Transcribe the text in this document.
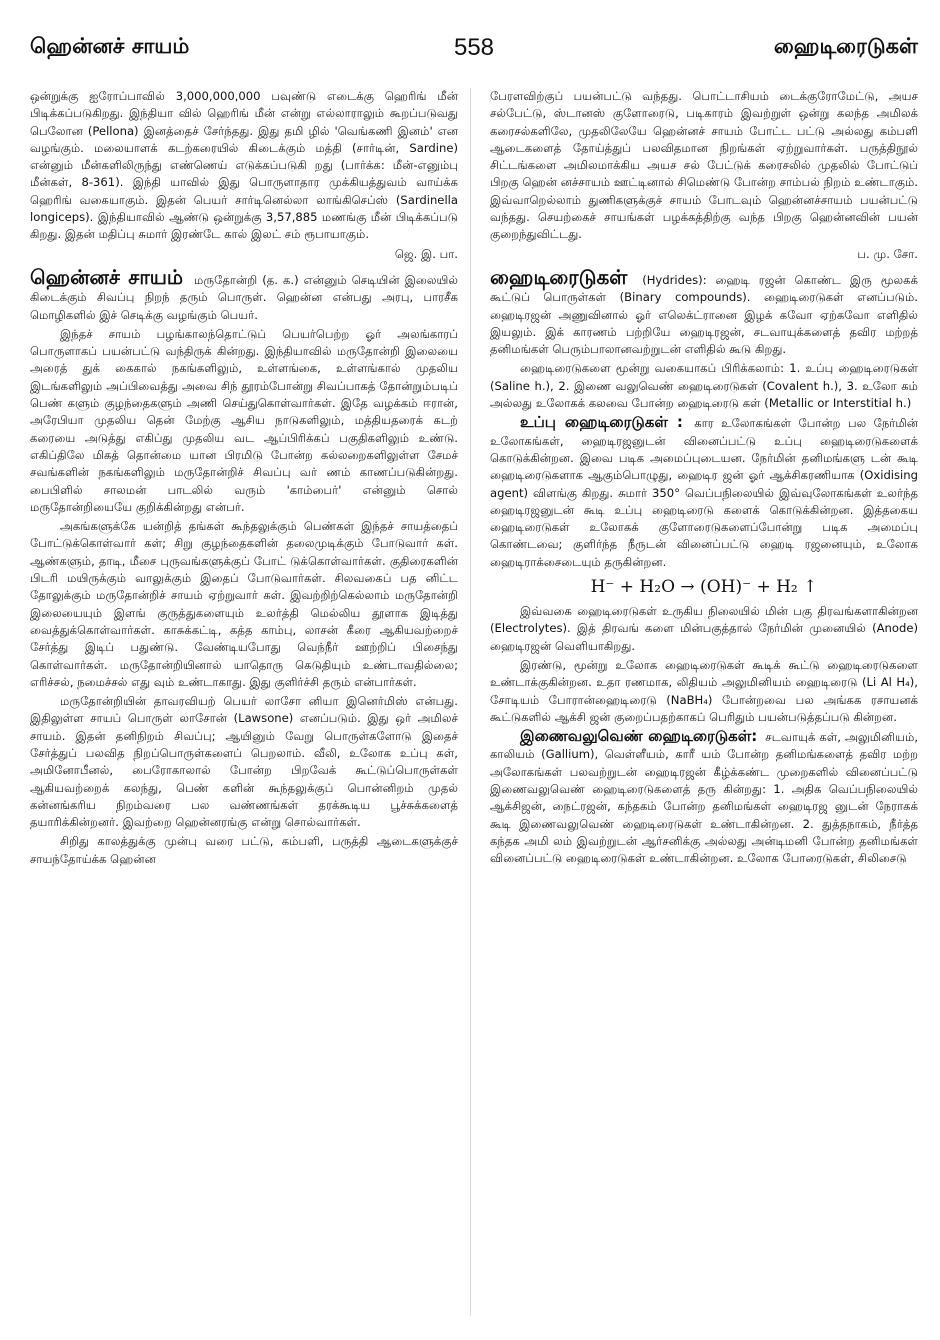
ஹென்னச் சாயம்	558	ஹைடிரைடுகள்

ஒன்றுக்கு ஐரோப்பாவில் 3,000,000,000 பவுண்டு எடைக்கு ஹெரிங் மீன் பிடிக்கப்படுகிறது. இந்தியா வில் ஹெரிங் மீன் என்று எல்லாராலும் கூறப்படுவது பெலோன (Pellona) இனத்தைச் சேர்ந்தது. இது தமி ழில் 'வெங்கணி இனம்' என வழங்கும். மலையாளக் கடற்கரையில் கிடைக்கும் மத்தி (சார்டின், Sardine) என்னும் மீன்களிலிருந்து எண்ணெய் எடுக்கப்படுகி றது (பார்க்க: மீன்-எனும்பு மீன்கள், 8-361). இந்தி யாவில் இது பொருளாதார முக்கியத்துவம் வாய்க்க ஹெரிங் வகையாகும். இதன் பெயர் சார்டினெல்லா லாங்கிசெப்ஸ் (Sardinella longiceps). இந்தியாவில் ஆண்டு ஒன்றுக்கு 3,57,885 மணங்கு மீன் பிடிக்கப்படு கிறது. இதன் மதிப்பு சுமார் இரண்டே கால் இலட் சம் ரூபாயாகும்.

ஜெ. இ. பா.

ஹென்னச் சாயம் மருதோன்றி (த. க.) என்னும் செடியின் இலையில் கிடைக்கும் சிவப்பு நிறந் தரும் பொருள். ஹென்ன என்பது அரபு, பாரசீக மொழிகளில் இச் செடிக்கு வழங்கும் பெயர்.

இந்தச் சாயம் பழங்காலந்தொட்டுப் பெயர்பெற்ற ஓர் அலங்காரப் பொருளாகப் பயன்பட்டு வந்திருக் கின்றது. இந்தியாவில் மருதோன்றி இலையை அரைத் துக் கைகால் நகங்களிலும், உள்ளங்கை, உள்ளங்கால் முதலிய இடங்களிலும் அப்பிவைத்து அவை சிந் தூரம்போன்று சிவப்பாகத் தோன்றும்படிப் பெண் களும் குழந்தைகளும் அணி செய்துகொள்வார்கள். இதே வழக்கம் ஈரான், அரேபியா முதலிய தென் மேற்கு ஆசிய நாடுகளிலும், மத்தியதரைக் கடற் கரையை அடுத்து எகிப்து முதலிய வட ஆப்பிரிக்கப் பகுதிகளிலும் உண்டு. எகிப்திலே மிகத் தொன்மை யான பிரமிடு போன்ற கல்லறைகளிலுள்ள சேமச் சவங்களின் நகங்களிலும் மருதோன்றிச் சிவப்பு வர் ணம் காணப்படுகின்றது. பைபிளில் சாலமன் பாடலில் வரும் 'காம்பைர்' என்னும் சொல் மருதோன்றியையே குறிக்கின்றது என்பர்.

அகங்களுக்கே யன்றித் தங்கள் கூந்தலுக்கும் பெண்கள் இந்தச் சாயத்தைப் போட்டுக்கொள்வார் கள்; சிறு குழந்தைகளின் தலைமுடிக்கும் போடுவார் கள். ஆண்களும், தாடி, மீசை புருவங்களுக்குப் போட் டுக்கொள்வார்கள். குதிரைகளின் பிடரி மயிருக்கும் வாலுக்கும் இதைப் போடுவார்கள். சிலவகைப் பத னிட்ட தோலுக்கும் மருதோன்றிச் சாயம் ஏற்றுவார் கள். இவற்றிற்கெல்லாம் மருதோன்றி இலையையும் இளங் குருத்துகளையும் உலர்த்தி மெல்லிய தூளாக இடித்து வைத்துக்கொள்வார்கள். காசுக்கட்டி, கத்த காம்பு, லாசன் கீரை ஆகியவற்றைச் சேர்த்து இடிப் பதுண்டு. வேண்டியபோது வெந்நீர் ஊற்றிப் பிசைந்து கொள்வார்கள். மருதோன்றியினால் யாதொரு கெடுதியும் உண்டாவதில்லை; எரிச்சல், நமைச்சல் எது வும் உண்டாகாது. இது குளிர்ச்சி தரும் என்பார்கள்.

மருதோன்றியின் தாவரவியற் பெயர் லாசோ னியா இனெர்மிஸ் என்பது. இதிலுள்ள சாயப் பொருள் லாசோன் (Lawsone) எனப்படும். இது ஒர் அமிலச் சாயம். இதன் தனிநிறம் சிவப்பு; ஆயினும் வேறு பொருள்களோடு இதைச் சேர்த்துப் பலவித நிறப்பொருள்களைப் பெறலாம். வீலி, உலோக உப்பு கள், அமினோபீனல், பைரோகாலால் போன்ற பிறவேக் கூட்டுப்பொருள்கள் ஆகியவற்றைக் கலந்து, பெண் களின் கூந்தலுக்குப் பொன்னிறம் முதல் கன்னங்கரிய நிறம்வரை பல வண்ணங்கள் தரக்கூடிய பூச்சுக்களைத் தயாரிக்கின்றனர். இவற்றை ஹென்னரங்கு என்று சொல்வார்கள்.

சிறிது காலத்துக்கு முன்பு வரை பட்டு, கம்பளி, பருத்தி ஆடைகளுக்குச் சாயந்தோய்க்க ஹென்ன

பேரளவிற்குப் பயன்பட்டு வந்தது. பொட்டாசியம் டைக்குரோமேட்டு, அயச சல்பேட்டு, ஸ்டானஸ் குளோரைடு, படிகாரம் இவற்றுள் ஒன்று கலந்த அமிலக் கரைசல்களிலே, முதலிலேயே ஹென்னச் சாயம் போட்ட பட்டு அல்லது கம்பளி ஆடைகளைத் தோய்த்துப் பலவிதமான நிறங்கள் ஏற்றுவார்கள். பருத்திநூல் சிட்டங்களை அமிலமாக்கிய அயச சல் பேட்டுக் கரைசலில் முதலில் போட்டுப் பிறகு ஹென் னச்சாயம் ஊட்டினால் சிமெண்டு போன்ற சாம்பல் நிறம் உண்டாகும். இவ்வாறெல்லாம் துணிகளுக்குச் சாயம் போடவும் ஹென்னச்சாயம் பயன்பட்டு வந்தது. செயற்கைச் சாயங்கள் பழக்கத்திற்கு வந்த பிறகு ஹென்னவின் பயன் குறைந்துவிட்டது.

ப. மு. சோ.

ஹைடிரைடுகள் (Hydrides): ஹைடி ரஜன் கொண்ட இரு மூலகக் கூட்டுப் பொருள்கள் (Binary compounds). ஹைடிரைடுகள் எனப்படும். ஹைடிரஜன் அணுவினால் ஓர் எலெக்ட்ரானை இழக் கவோ ஏற்கவோ எளிதில் இயலும். இக் காரணம் பற்றியே ஹைடிரஜன், சடவாயுக்களைத் தவிர மற்றத் தனிமங்கள் பெரும்பாலானவற்றுடன் எளிதில் கூடு கிறது.

ஹைடிரைடுகளை மூன்று வகையாகப் பிரிக்கலாம்: 1. உப்பு ஹைடிரைடுகள் (Saline h.), 2. இணை வலுவெண் ஹைடிரைடுகள் (Covalent h.), 3. உலோ கம் அல்லது உலோகக் கலவை போன்ற ஹைடிரைடு கள் (Metallic or Interstitial h.)

உப்பு ஹைடிரைடுகள் : கார உலோகங்கள் போன்ற பல நேர்மின் உலோகங்கள், ஹைடிரஜனுடன் வினைப்பட்டு உப்பு ஹைடிரைடுகளைக் கொடுக்கின்றன. இவை படிக அமைப்புடையன. நேர்மின் தனிமங்களு டன் கூடி ஹைடிரைடுகளாக ஆகும்பொழுது, ஹைடிர ஜன் ஓர் ஆக்சிகரணியாக (Oxidising agent) விளங்கு கிறது. சுமார் 350° வெப்பநிலையில் இவ்வுலோகங்கள் உலர்ந்த ஹைடிரஜனுடன் கூடி உப்பு ஹைடிரைடு களைக் கொடுக்கின்றன. இத்தகைய ஹைடிரைடுகள் உலோகக் குளோரைடுகளைப்போன்று படிக அமைப்பு கொண்டவை; குளிர்ந்த நீருடன் வினைப்பட்டு ஹைடி ரஜனையும், உலோக ஹைடிராக்சைடையும் தருகின்றன.

H⁻ + H₂O → (OH)⁻ + H₂ ↑

இவ்வகை ஹைடிரைடுகள் உருகிய நிலையில் மின் பகு திரவங்களாகின்றன (Electrolytes). இத் திரவங் களை மின்பகுத்தால் நேர்மின் முனையில் (Anode) ஹைடிரஜன் வெளியாகிறது.

இரண்டு, மூன்று உலோக ஹைடிரைடுகள் கூடிக் கூட்டு ஹைடிரைடுகளை உண்டாக்குகின்றன. உதா ரணமாக, லிதியம் அலுமினியம் ஹைடிரைடு (Li Al H₄), சோடியம் போரான்ஹைடிரைடு (NaBH₄) போன்றவை பல அங்கக ரசாயனக் கூட்டுகளில் ஆக்சி ஜன் குறைப்பதற்காகப் பெரிதும் பயன்படுத்தப்படு கின்றன.

இணைவலுவெண் ஹைடிரைடுகள்: சடவாயுக் கள், அலுமினியம், காலியம் (Gallium), வெள்ளீயம், காரீ யம் போன்ற தனிமங்களைத் தவிர மற்ற அலோகங்கள் பலவற்றுடன் ஹைடிரஜன் கீழ்க்கண்ட முறைகளில் வினைப்பட்டு இணைவலுவெண் ஹைடிரைடுகளைத் தரு கின்றது: 1. அதிக வெப்பநிலையில் ஆக்சிஜன், நைட்ரஜன், கந்தகம் போன்ற தனிமங்கள் ஹைடிரஜ னுடன் நேராகக் கூடி இணைவலுவெண் ஹைடிரைடுகள் உண்டாகின்றன. 2. துத்தநாகம், நீர்த்த கந்தக அமி லம் இவற்றுடன் ஆர்சனிக்கு அல்லது அன்டிமனி போன்ற தனிமங்கள் வினைப்பட்டு ஹைடிரைடுகள் உண்டாகின்றன. உலோக போரைடுகள், சிலிசைடு
